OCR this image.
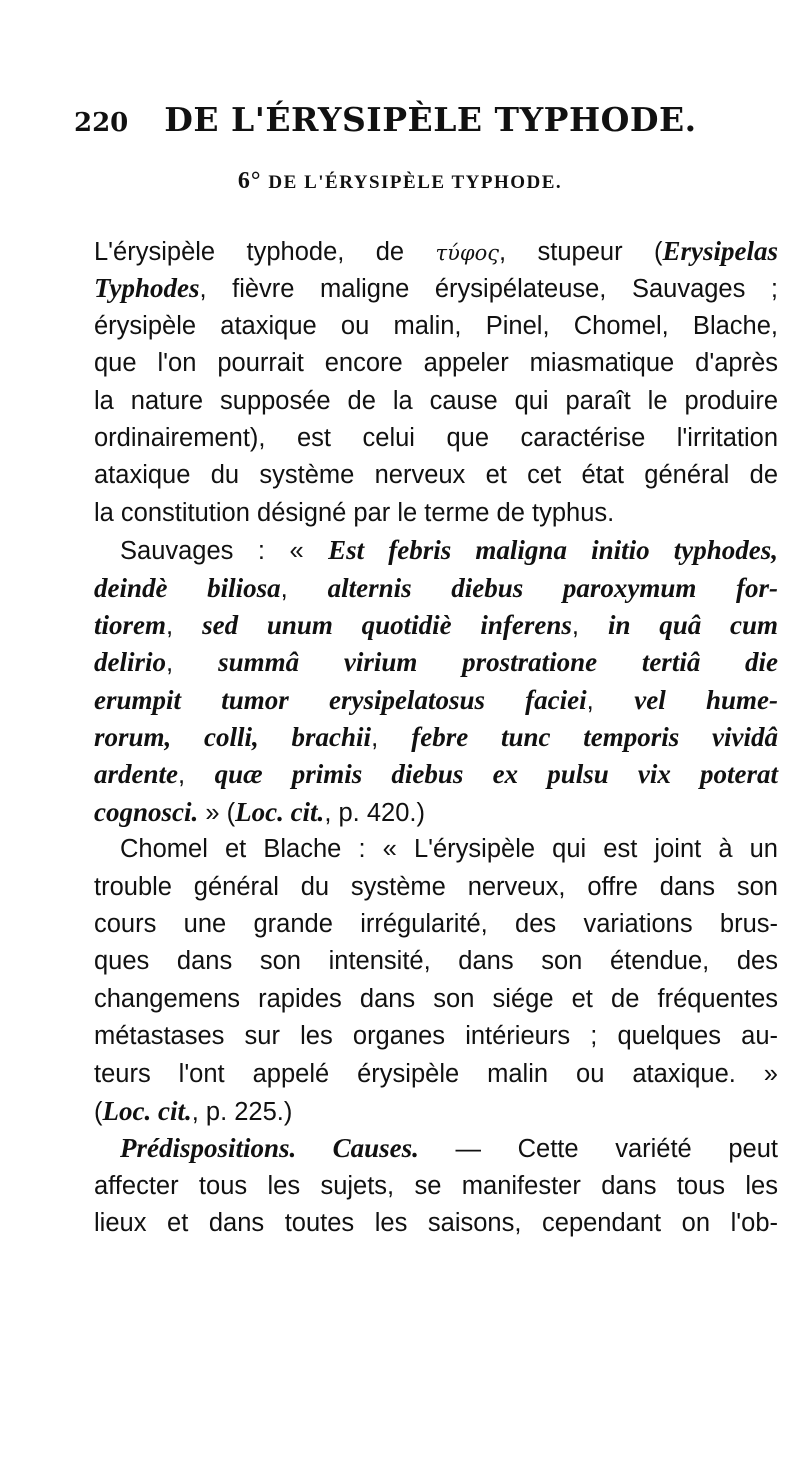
220 DE L'ÉRYSIPÈLE TYPHODE.
6° DE L'ÉRYSIPÈLE TYPHODE.
L'érysipèle typhode, de τύφος, stupeur (Erysipelas
Typhodes, fièvre maligne érysipélateuse, Sauvages ;
érysipèle ataxique ou malin, Pinel, Chomel, Blache,
que l'on pourrait encore appeler miasmatique d'après
la nature supposée de la cause qui paraît le produire
ordinairement), est celui que caractérise l'irritation
ataxique du système nerveux et cet état général de
la constitution désigné par le terme de typhus.
Sauvages : « Est febris maligna initio typhodes,
deindè biliosa, alternis diebus paroxymum for-
tiorem, sed unum quotidiè inferens, in quâ cum
delirio, summâ virium prostratione tertiâ die
erumpit tumor erysipelatosus faciei, vel hume-
rorum, colli, brachii, febre tunc temporis vividâ
ardente, quæ primis diebus ex pulsu vix poterat
cognosci. » (Loc. cit., p. 420.)
Chomel et Blache : « L'érysipèle qui est joint à un
trouble général du système nerveux, offre dans son
cours une grande irrégularité, des variations brus-
ques dans son intensité, dans son étendue, des
changemens rapides dans son siége et de fréquentes
métastases sur les organes intérieurs ; quelques au-
teurs l'ont appelé érysipèle malin ou ataxique. »
(Loc. cit., p. 225.)
Prédispositions. Causes. — Cette variété peut
affecter tous les sujets, se manifester dans tous les
lieux et dans toutes les saisons, cependant on l'ob-
